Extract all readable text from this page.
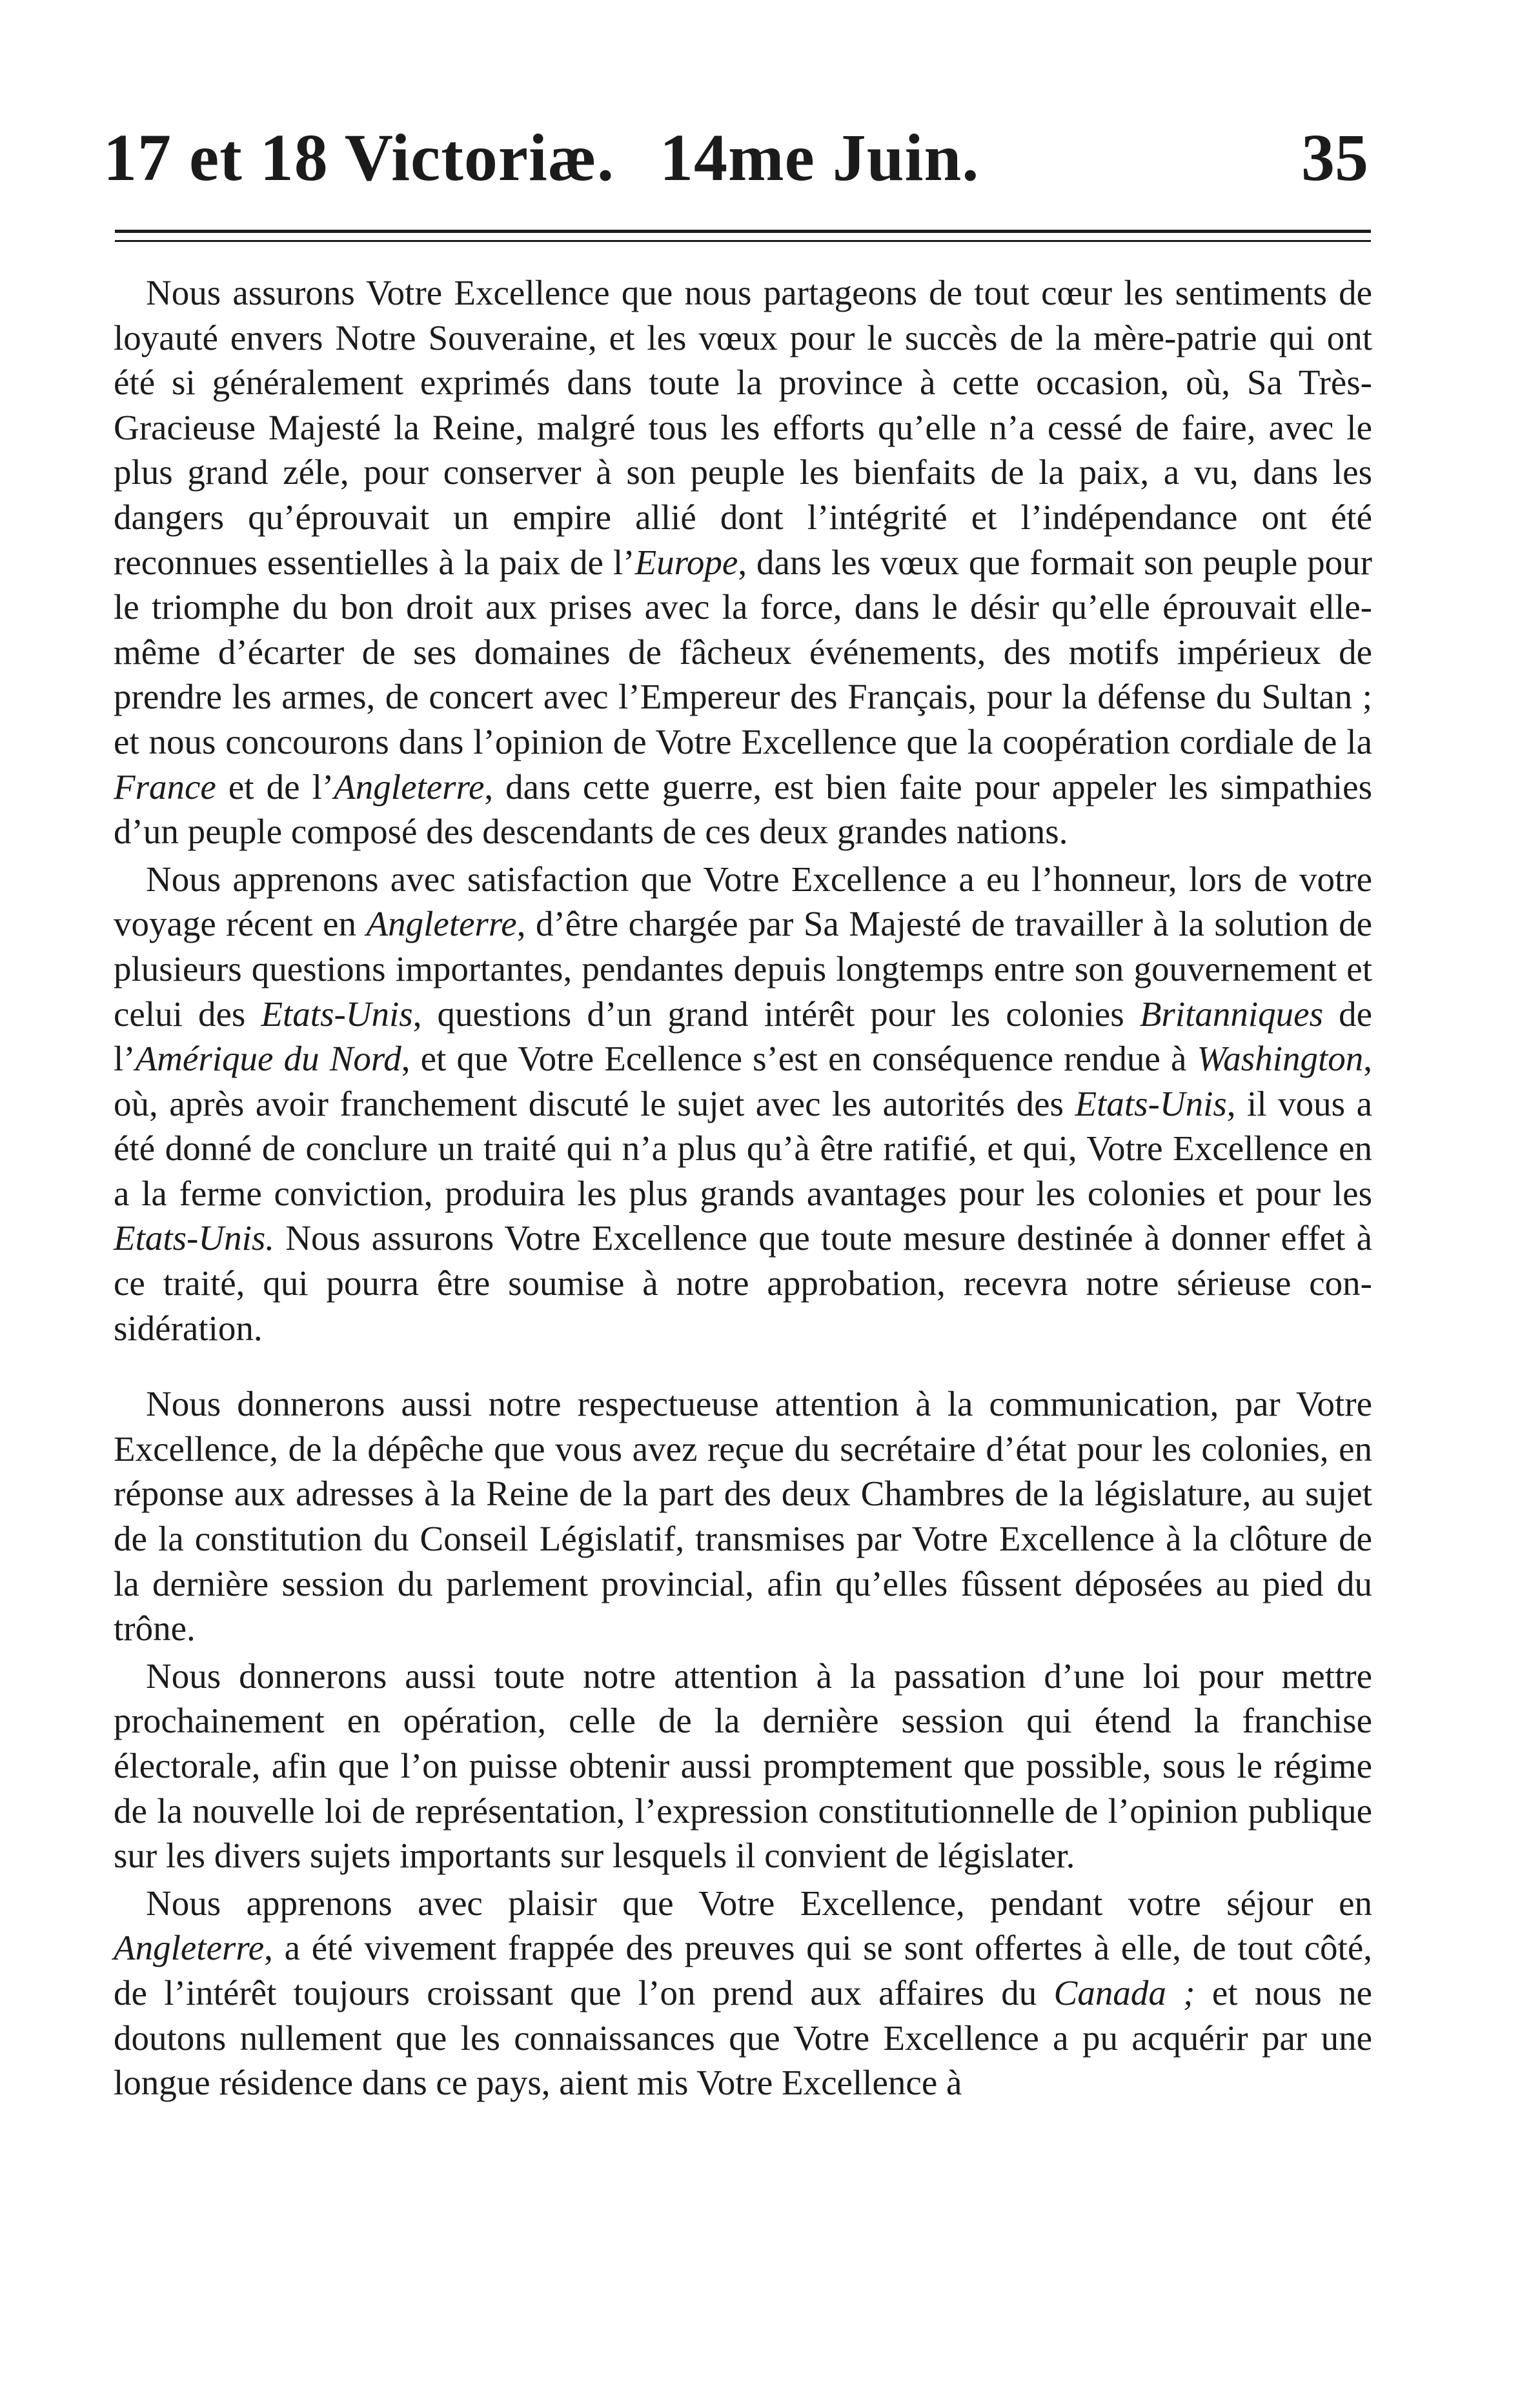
17 et 18 Victoriæ. 14me Juin.	35

Nous assurons Votre Excellence que nous partageons de tout cœur les sentiments de loyauté envers Notre Souveraine, et les vœux pour le succès de la mère-patrie qui ont été si généralement exprimés dans toute la province à cette occasion, où, Sa Très-Gracieuse Majesté la Reine, malgré tous les efforts qu’elle n’a cessé de faire, avec le plus grand zéle, pour conserver à son peuple les bienfaits de la paix, a vu, dans les dangers qu’éprouvait un empire allié dont l’intégrité et l’indépendance ont été reconnues essentielles à la paix de l’Europe, dans les vœux que formait son peuple pour le triomphe du bon droit aux prises avec la force, dans le désir qu’elle éprouvait elle-même d’écarter de ses domaines de fâcheux événements, des motifs impérieux de prendre les armes, de concert avec l’Empereur des Français, pour la défense du Sultan ; et nous concourons dans l’opinion de Votre Excellence que la coopération cordiale de la France et de l’Angleterre, dans cette guerre, est bien faite pour appeler les simpathies d’un peuple composé des descendants de ces deux grandes nations.

Nous apprenons avec satisfaction que Votre Excellence a eu l’honneur, lors de votre voyage récent en Angleterre, d’être chargée par Sa Majesté de travailler à la solution de plusieurs questions importantes, pendantes depuis longtemps entre son gouvernement et celui des Etats-Unis, questions d’un grand intérêt pour les colonies Britanniques de l’Amérique du Nord, et que Votre Ecellence s’est en conséquence rendue à Washington, où, après avoir franchement discuté le sujet avec les autorités des Etats-Unis, il vous a été donné de conclure un traité qui n’a plus qu’à être ratifié, et qui, Votre Excellence en a la ferme conviction, produira les plus grands avantages pour les colonies et pour les Etats-Unis. Nous assurons Votre Excellence que toute mesure destinée à donner effet à ce traité, qui pourra être soumise à notre approbation, recevra notre sérieuse considération.

Nous donnerons aussi notre respectueuse attention à la communication, par Votre Excellence, de la dépêche que vous avez reçue du secrétaire d’état pour les colonies, en réponse aux adresses à la Reine de la part des deux Chambres de la législature, au sujet de la constitution du Conseil Législatif, transmises par Votre Excellence à la clôture de la dernière session du parlement provincial, afin qu’elles fûssent déposées au pied du trône.

Nous donnerons aussi toute notre attention à la passation d’une loi pour mettre prochainement en opération, celle de la dernière session qui étend la franchise électorale, afin que l’on puisse obtenir aussi promptement que possible, sous le régime de la nouvelle loi de représentation, l’expression constitutionnelle de l’opinion publique sur les divers sujets importants sur lesquels il convient de législater.

Nous apprenons avec plaisir que Votre Excellence, pendant votre séjour en Angleterre, a été vivement frappée des preuves qui se sont offertes à elle, de tout côté, de l’intérêt toujours croissant que l’on prend aux affaires du Canada ; et nous ne doutons nullement que les connaissances que Votre Excellence a pu acquérir par une longue résidence dans ce pays, aient mis Votre Excellence à
